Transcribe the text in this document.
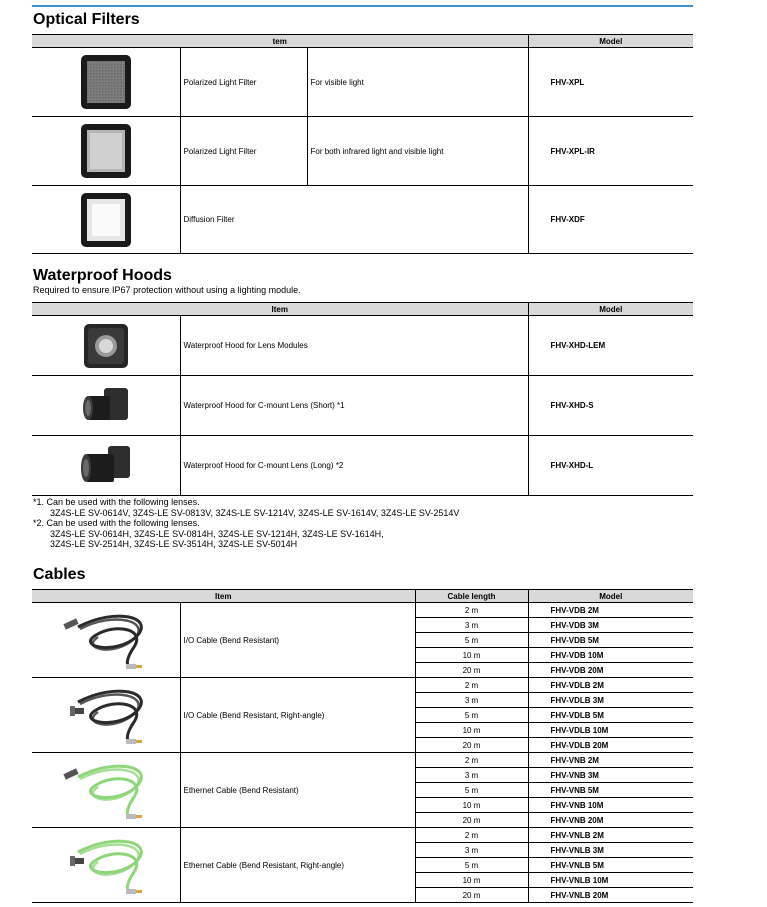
Optical Filters
tem			Model

	Polarized Light Filter	For visible light	FHV-XPL

	Polarized Light Filter	For both infrared light and visible light	FHV-XPL-IR

	Diffusion Filter		FHV-XDF
Waterproof Hoods
Required to ensure IP67 protection without using a lighting module.
Item		Model

	Waterproof Hood for Lens Modules	FHV-XHD-LEM

	Waterproof Hood for C-mount Lens (Short) *1	FHV-XHD-S

	Waterproof Hood for C-mount Lens (Long) *2	FHV-XHD-L
*1. Can be used with the following lenses.
3Z4S-LE SV-0614V, 3Z4S-LE SV-0813V, 3Z4S-LE SV-1214V, 3Z4S-LE SV-1614V, 3Z4S-LE SV-2514V
*2. Can be used with the following lenses.
3Z4S-LE SV-0614H, 3Z4S-LE SV-0814H, 3Z4S-LE SV-1214H, 3Z4S-LE SV-1614H,
3Z4S-LE SV-2514H, 3Z4S-LE SV-3514H, 3Z4S-LE SV-5014H
Cables
Item		Cable length	Model

	I/O Cable (Bend Resistant)	2 m	FHV-VDB 2M
		3 m	FHV-VDB 3M
		5 m	FHV-VDB 5M
		10 m	FHV-VDB 10M
		20 m	FHV-VDB 20M

	I/O Cable (Bend Resistant, Right-angle)	2 m	FHV-VDLB 2M
		3 m	FHV-VDLB 3M
		5 m	FHV-VDLB 5M
		10 m	FHV-VDLB 10M
		20 m	FHV-VDLB 20M

	Ethernet Cable (Bend Resistant)	2 m	FHV-VNB 2M
		3 m	FHV-VNB 3M
		5 m	FHV-VNB 5M
		10 m	FHV-VNB 10M
		20 m	FHV-VNB 20M

	Ethernet Cable (Bend Resistant, Right-angle)	2 m	FHV-VNLB 2M
		3 m	FHV-VNLB 3M
		5 m	FHV-VNLB 5M
		10 m	FHV-VNLB 10M
		20 m	FHV-VNLB 20M
